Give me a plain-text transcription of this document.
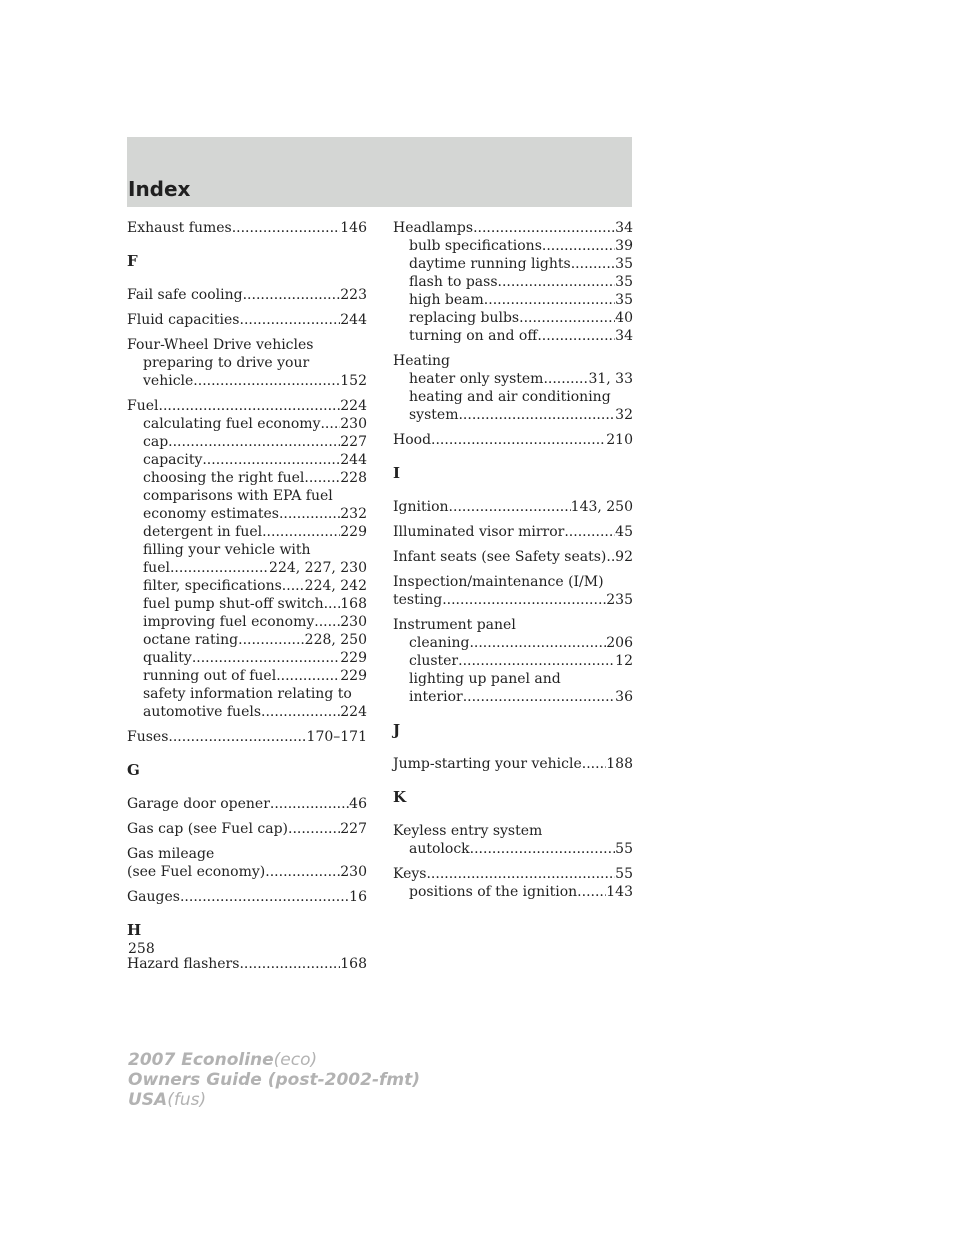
Index
Exhaust fumes .....	146
F
Fail safe cooling .....	223
Fluid capacities .....	244
Four-Wheel Drive vehicles
preparing to drive your
vehicle .....	152
Fuel .....	224
calculating fuel economy ..... 230
cap .....	227
capacity .....	244
choosing the right fuel .....	228
comparisons with EPA fuel
economy estimates .....	232
detergent in fuel .....	229
filling your vehicle with
fuel .....	224, 227, 230
filter, specifications ..... 224, 242
fuel pump shut-off switch ..... 168
improving fuel economy ..... 230
octane rating .....	228, 250
quality .....	229
running out of fuel .....	229
safety information relating to
automotive fuels .....	224
Fuses .....	170–171
G
Garage door opener .....	46
Gas cap (see Fuel cap) .....	227
Gas mileage
(see Fuel economy) .....	230
Gauges .....	16
H
Hazard flashers .....	168
Headlamps .....	34
bulb specifications .....	39
daytime running lights .....	35
flash to pass .....	35
high beam .....	35
replacing bulbs .....	40
turning on and off .....	34
Heating
heater only system .....	31, 33
heating and air conditioning
system .....	32
Hood .....	210
I
Ignition .....	143, 250
Illuminated visor mirror .....	45
Infant seats (see Safety seats) ..... 92
Inspection/maintenance (I/M)
testing .....	235
Instrument panel
cleaning .....	206
cluster .....	12
lighting up panel and
interior .....	36
J
Jump-starting your vehicle ..... 188
K
Keyless entry system
autolock .....	55
Keys .....	55
positions of the ignition ..... 143
258
2007 Econoline(eco)
Owners Guide (post-2002-fmt)
USA(fus)
